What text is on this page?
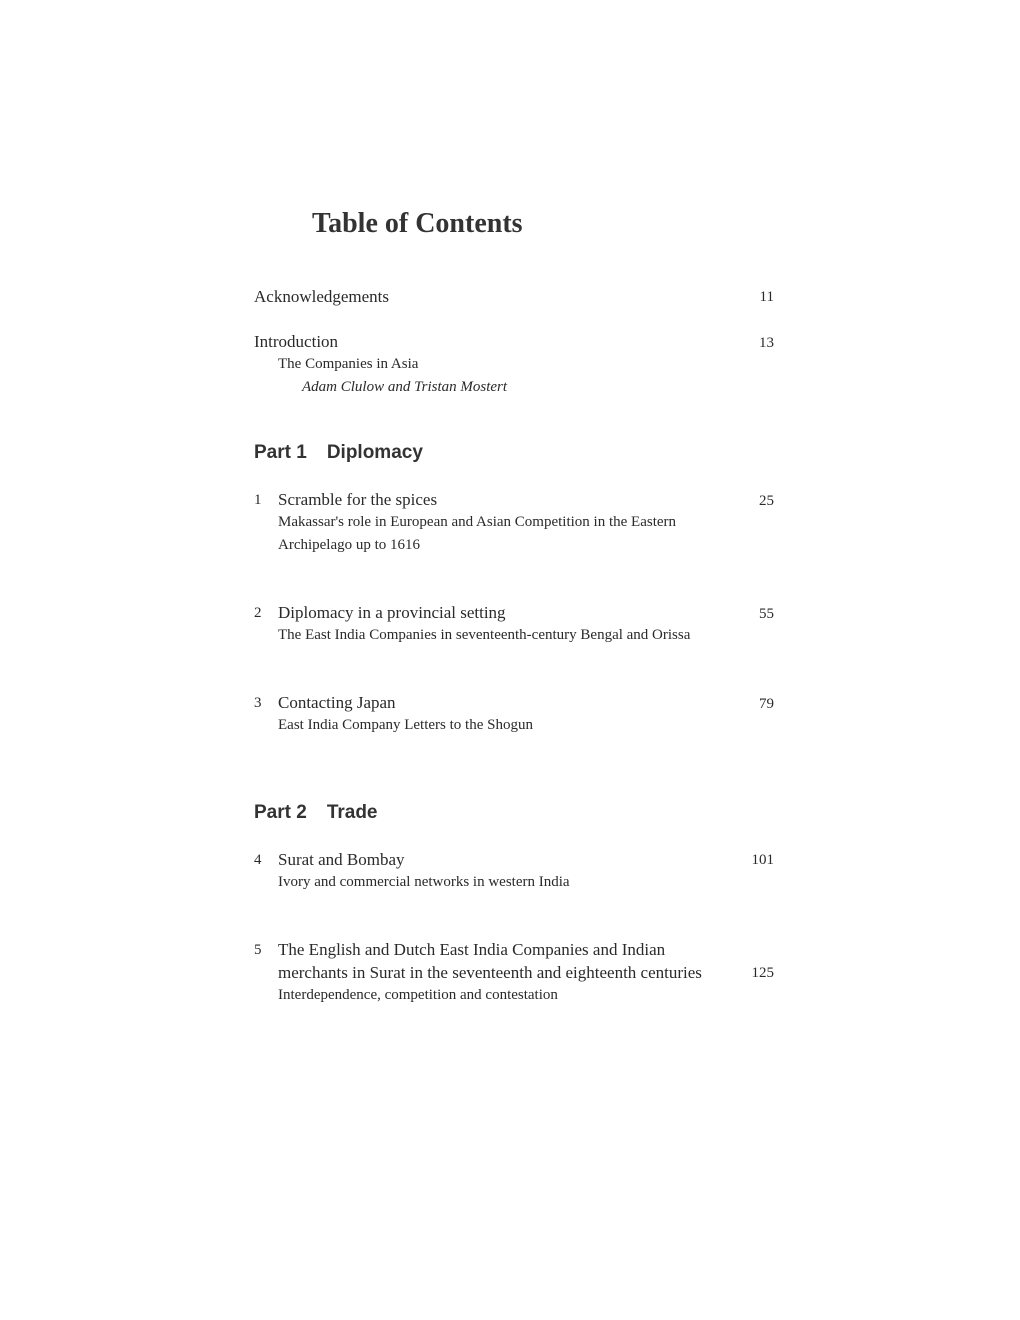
Table of Contents
Acknowledgements	11
Introduction	13
The Companies in Asia
Adam Clulow and Tristan Mostert
Part 1 Diplomacy
1 Scramble for the spices	25
Makassar's role in European and Asian Competition in the Eastern
Archipelago up to 1616
2 Diplomacy in a provincial setting	55
The East India Companies in seventeenth-century Bengal and Orissa
3 Contacting Japan	79
East India Company Letters to the Shogun
Part 2 Trade
4 Surat and Bombay	101
Ivory and commercial networks in western India
5 The English and Dutch East India Companies and Indian
merchants in Surat in the seventeenth and eighteenth centuries	125
Interdependence, competition and contestation
